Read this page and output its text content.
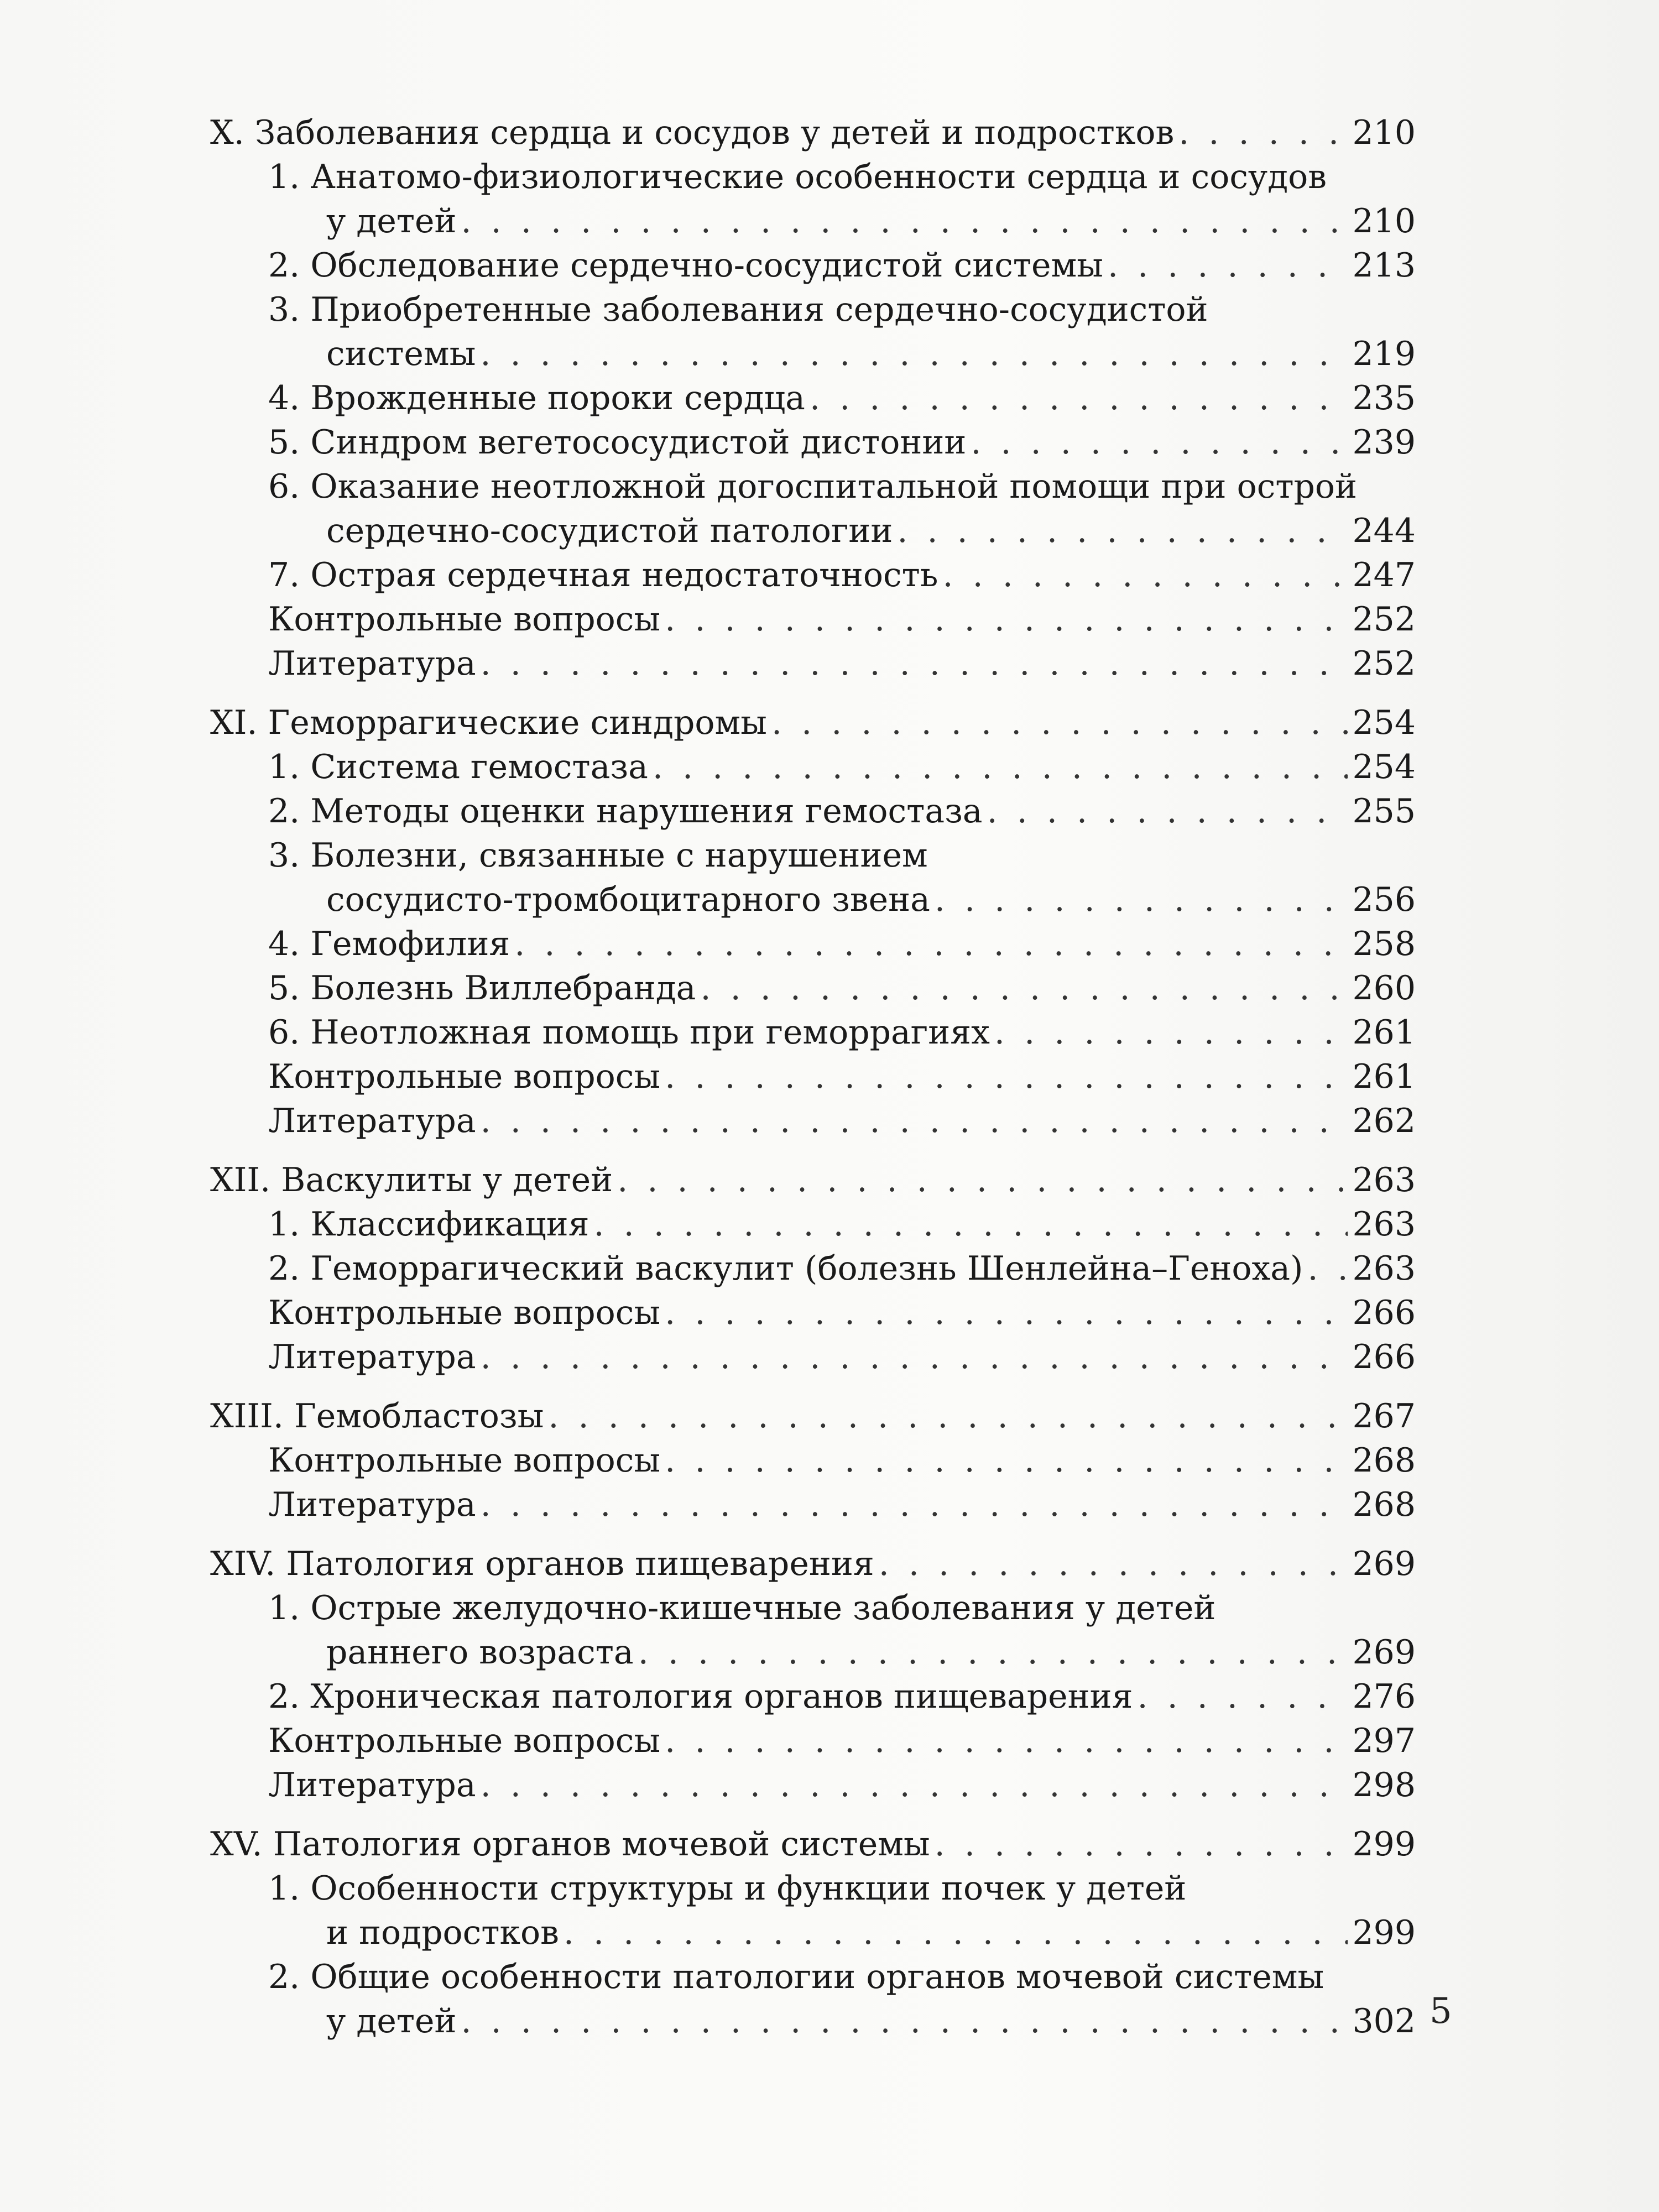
X. Заболевания сердца и сосудов у детей и подростков . . .	210
1. Анатомо-физиологические особенности сердца и сосудов
у детей . . .	210
2. Обследование сердечно-сосудистой системы . . .	213
3. Приобретенные заболевания сердечно-сосудистой
системы . . .	219
4. Врожденные пороки сердца . . .	235
5. Синдром вегетососудистой дистонии . . .	239
6. Оказание неотложной догоспитальной помощи при острой
сердечно-сосудистой патологии . . .	244
7. Острая сердечная недостаточность . . .	247
Контрольные вопросы . . .	252
Литература . . .	252
XI. Геморрагические синдромы . . .	254
1. Система гемостаза . . .	254
2. Методы оценки нарушения гемостаза . . .	255
3. Болезни, связанные с нарушением
сосудисто-тромбоцитарного звена . . .	256
4. Гемофилия . . .	258
5. Болезнь Виллебранда . . .	260
6. Неотложная помощь при геморрагиях . . .	261
Контрольные вопросы . . .	261
Литература . . .	262
XII. Васкулиты у детей . . .	263
1. Классификация . . .	263
2. Геморрагический васкулит (болезнь Шенлейна–Геноха) . . . 263
Контрольные вопросы . . .	266
Литература . . .	266
XIII. Гемобластозы . . .	267
Контрольные вопросы . . .	268
Литература . . .	268
XIV. Патология органов пищеварения . . .	269
1. Острые желудочно-кишечные заболевания у детей
раннего возраста . . .	269
2. Хроническая патология органов пищеварения . . .	276
Контрольные вопросы . . .	297
Литература . . .	298
XV. Патология органов мочевой системы . . .	299
1. Особенности структуры и функции почек у детей
и подростков . . .	299
2. Общие особенности патологии органов мочевой системы
у детей . . .	302 5
